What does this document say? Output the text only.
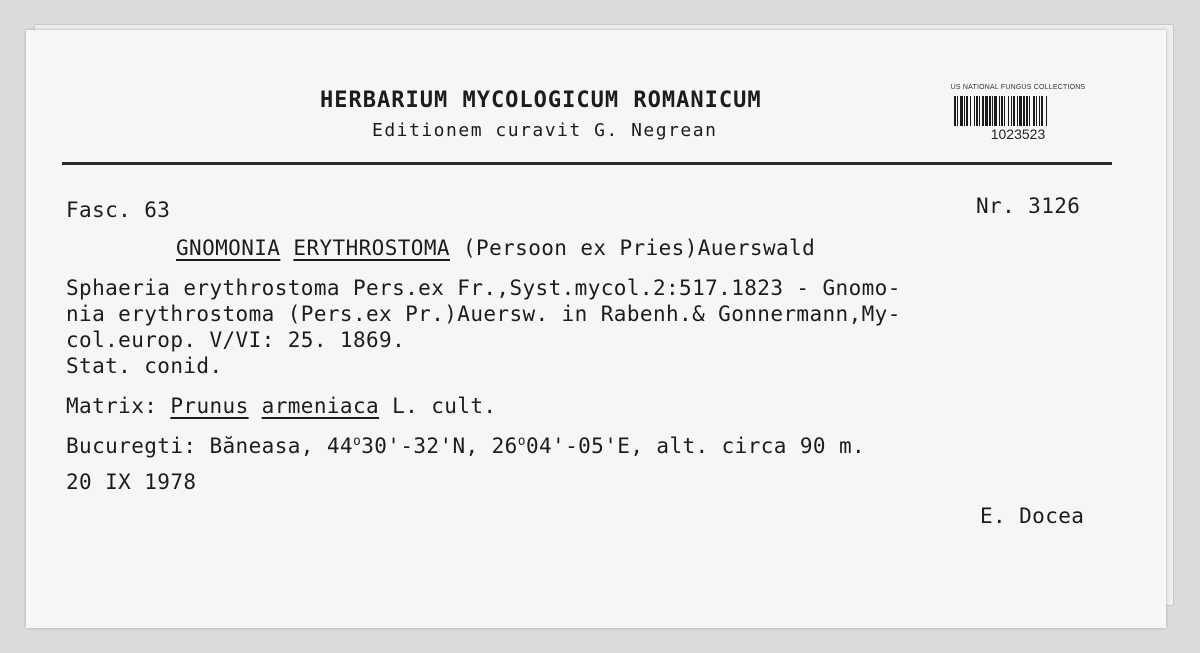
HERBARIUM MYCOLOGICUM ROMANICUM
Editionem curavit G. Negrean
US NATIONAL FUNGUS COLLECTIONS
1023523
Fasc. 63	Nr. 3126
GNOMONIA ERYTHROSTOMA (Persoon ex Pries)Auerswald
Sphaeria erythrostoma Pers.ex Fr.,Syst.mycol.2:517.1823 - Gnomo-
nia erythrostoma (Pers.ex Pr.)Auersw. in Rabenh.& Gonnermann,My-
col.europ. V/VI: 25. 1869.
Stat. conid.
Matrix: Prunus armeniaca L. cult.
Bucuregti: Băneasa, 44$^o$30'-32'N, 26$^o$04'-05'E, alt. circa 90 m.
20 IX 1978
E. Docea
